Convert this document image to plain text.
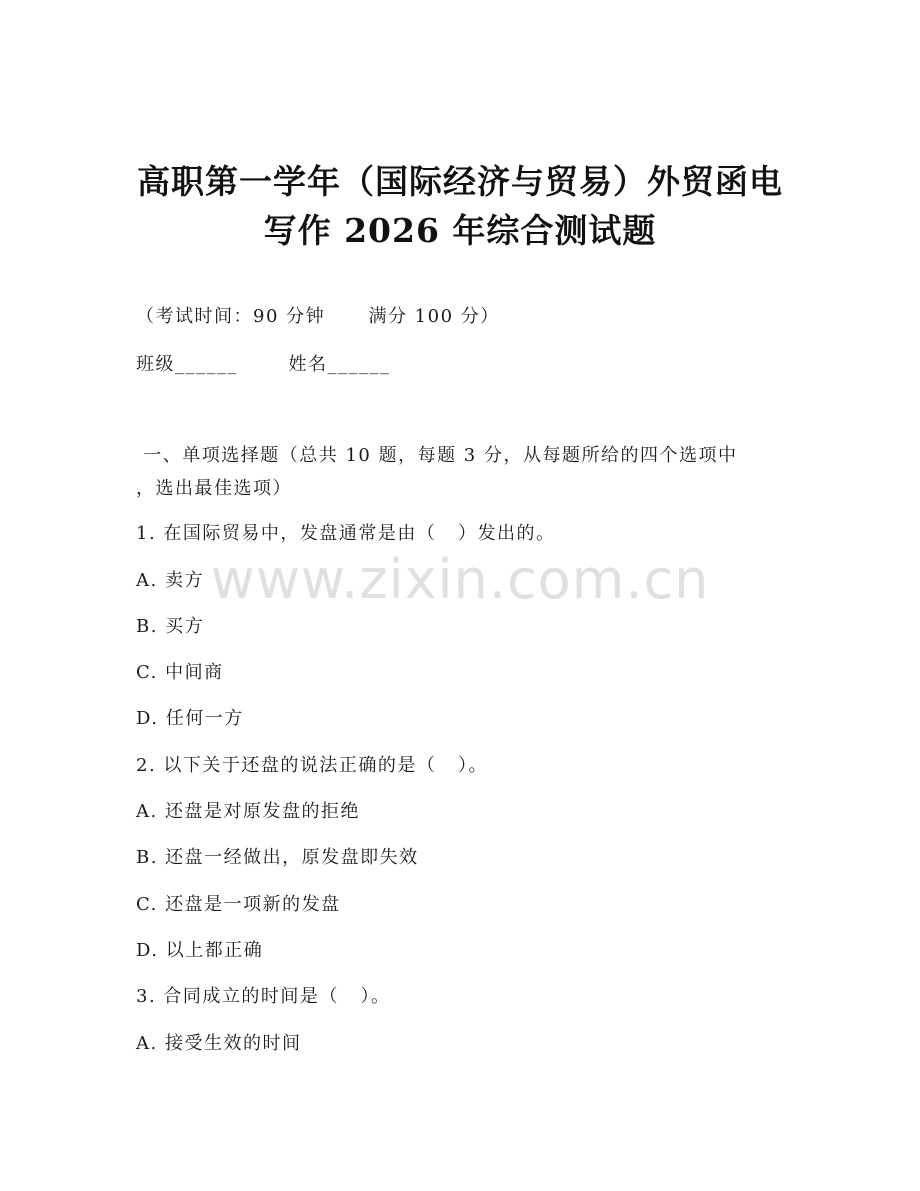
高职第一学年（国际经济与贸易）外贸函电
写作 2026 年综合测试题
（考试时间：90 分钟      满分 100 分）
班级______       姓名______
一、单项选择题（总共 10 题，每题 3 分，从每题所给的四个选项中
，选出最佳选项）
1. 在国际贸易中，发盘通常是由（   ）发出的。
A. 卖方
B. 买方
C. 中间商
D. 任何一方
2. 以下关于还盘的说法正确的是（   ）。
A. 还盘是对原发盘的拒绝
B. 还盘一经做出，原发盘即失效
C. 还盘是一项新的发盘
D. 以上都正确
3. 合同成立的时间是（   ）。
A. 接受生效的时间
www.zixin.com.cn
